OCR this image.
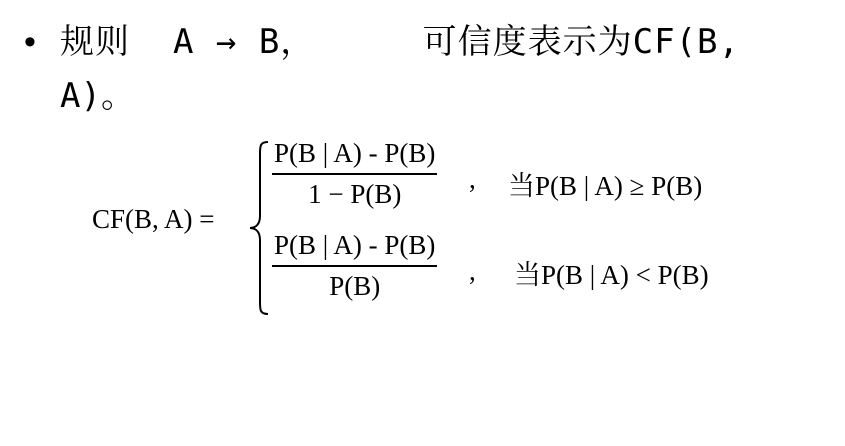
• 规则  A → B，     可信度表示为CF(B,
A)。
CF(B, A) =
P(B | A) - P(B)
1 − P(B)	, 当P(B | A) ≥ P(B)
P(B | A) - P(B)
P(B)	, 当P(B | A) < P(B)
